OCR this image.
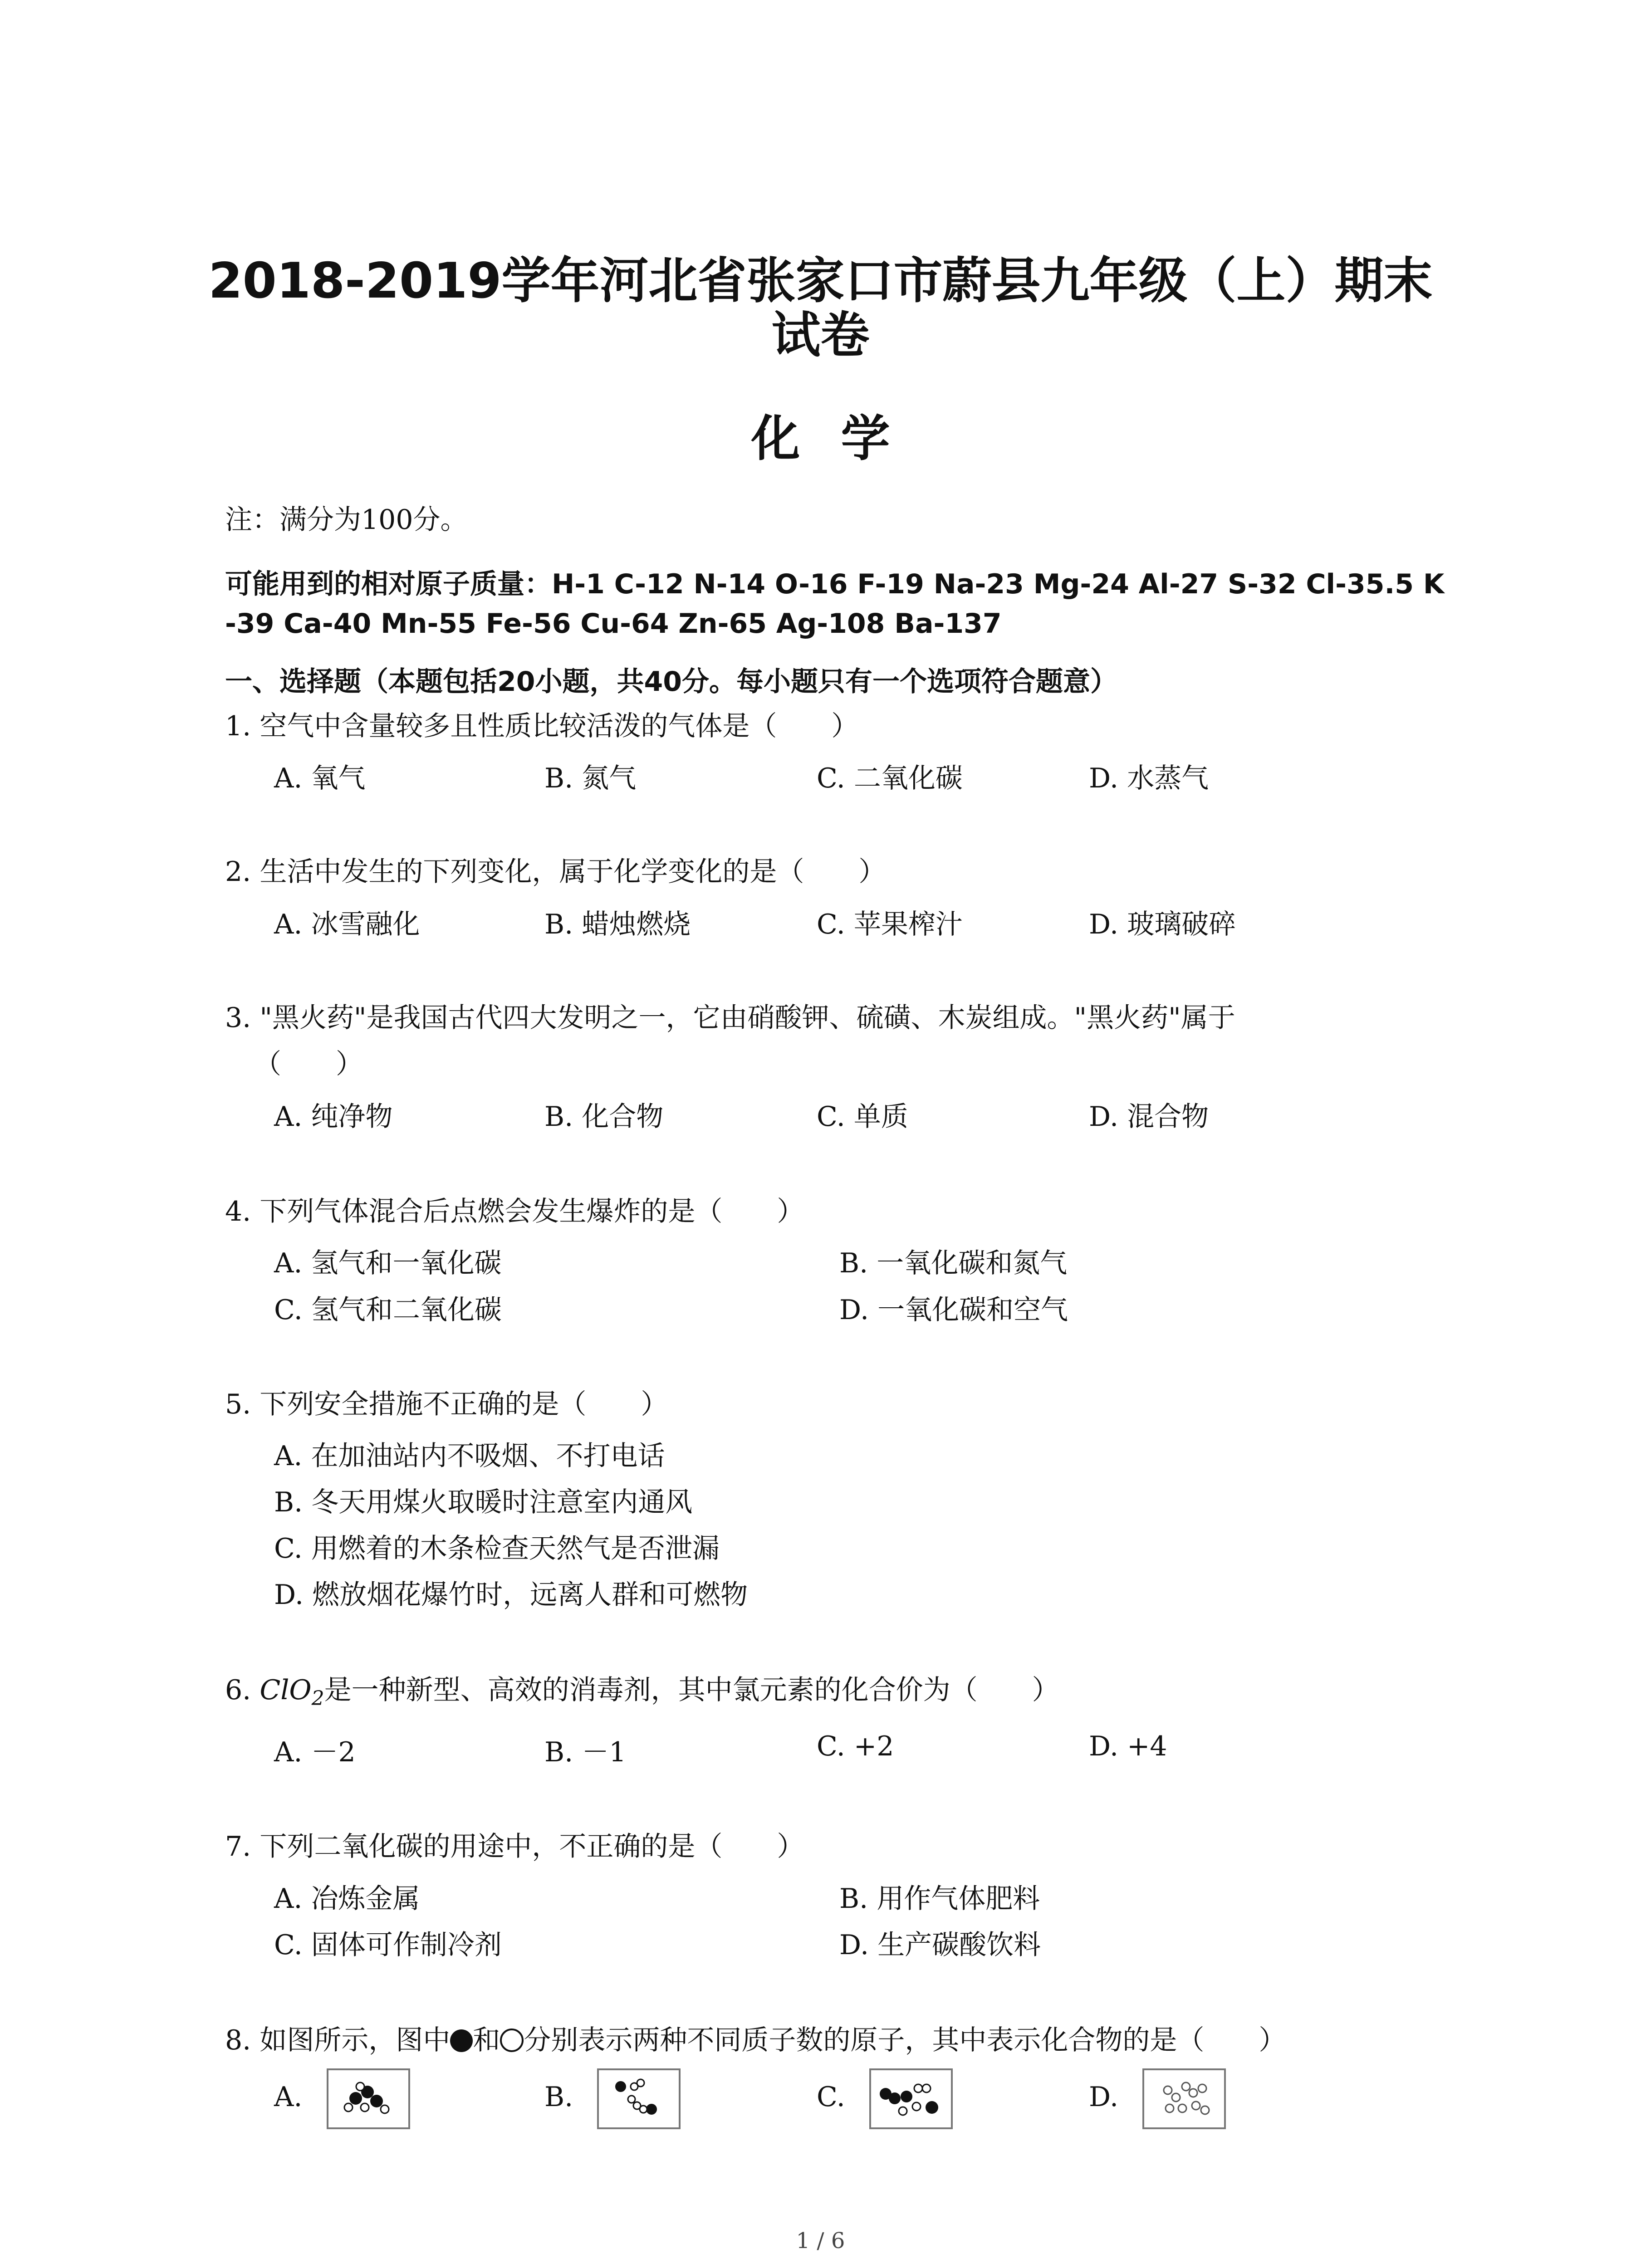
2018-2019学年河北省张家口市蔚县九年级（上）期末
试卷
化学
注：满分为100分。
可能用到的相对原子质量：H-1 C-12 N-14 O-16 F-19 Na-23 Mg-24 Al-27 S-32 Cl-35.5 K
-39 Ca-40 Mn-55 Fe-56 Cu-64 Zn-65 Ag-108 Ba-137
一、选择题（本题包括20小题，共40分。每小题只有一个选项符合题意）
1. 空气中含量较多且性质比较活泼的气体是（　　）
A. 氧气	B. 氮气	C. 二氧化碳	D. 水蒸气
2. 生活中发生的下列变化，属于化学变化的是（　　）
A. 冰雪融化	B. 蜡烛燃烧	C. 苹果榨汁	D. 玻璃破碎
3. "黑火药"是我国古代四大发明之一，它由硝酸钾、硫磺、木炭组成。"黑火药"属于
（　　）
A. 纯净物	B. 化合物	C. 单质	D. 混合物
4. 下列气体混合后点燃会发生爆炸的是（　　）
A. 氢气和一氧化碳	B. 一氧化碳和氮气
C. 氢气和二氧化碳	D. 一氧化碳和空气
5. 下列安全措施不正确的是（　　）
A. 在加油站内不吸烟、不打电话
B. 冬天用煤火取暖时注意室内通风
C. 用燃着的木条检查天然气是否泄漏
D. 燃放烟花爆竹时，远离人群和可燃物
6. ClO$_2$是一种新型、高效的消毒剂，其中氯元素的化合价为（　　）
A. －2	B. －1	C. +2	D. +4
7. 下列二氧化碳的用途中，不正确的是（　　）
A. 冶炼金属	B. 用作气体肥料
C. 固体可作制冷剂	D. 生产碳酸饮料
8. 如图所示，图中 和 分别表示两种不同质子数的原子，其中表示化合物的是（　　）
A.	B.	C.	D.
1 / 6
